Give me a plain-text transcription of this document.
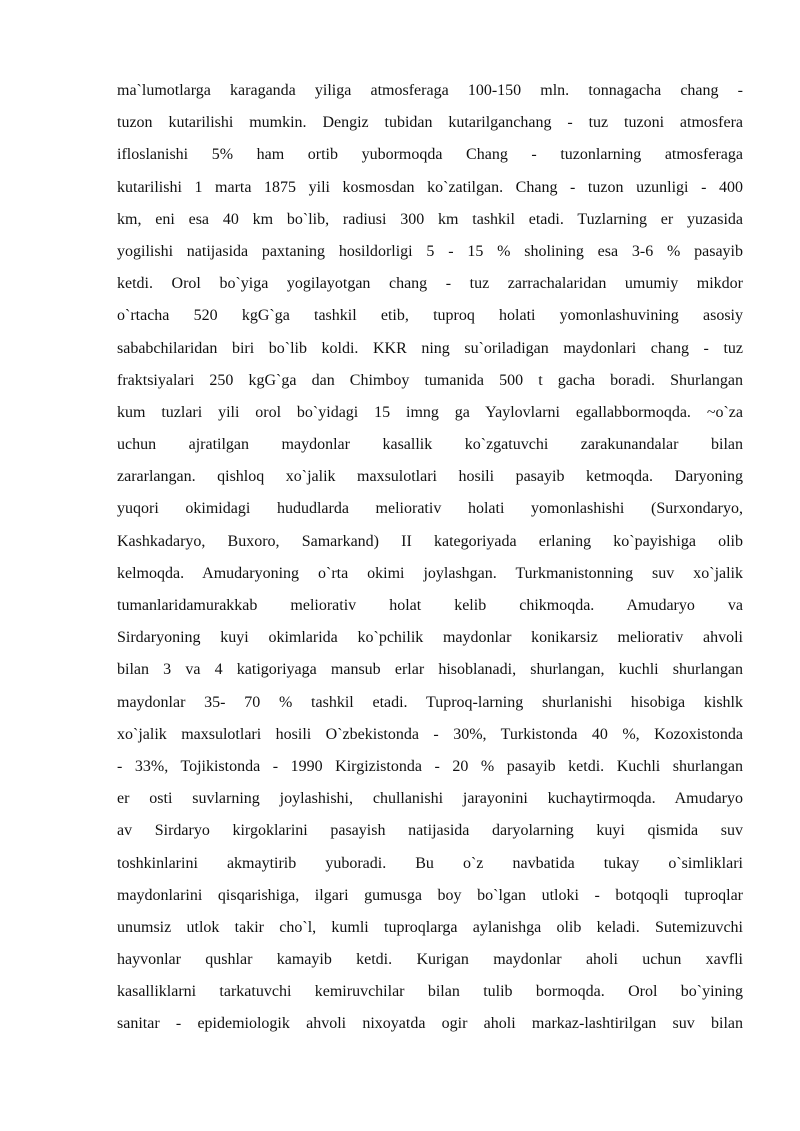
ma`lumotlarga karaganda yiliga atmosferaga 100-150 mln. tonnagacha chang -
tuzon kutarilishi mumkin. Dengiz tubidan kutarilganchang - tuz tuzoni atmosfera
ifloslanishi 5% ham ortib yubormoqda Chang - tuzonlarning atmosferaga
kutarilishi 1 marta 1875 yili kosmosdan ko`zatilgan. Chang - tuzon uzunligi - 400
km, eni esa 40 km bo`lib, radiusi 300 km tashkil etadi. Tuzlarning er yuzasida
yogilishi natijasida paxtaning hosildorligi 5 - 15 % sholining esa 3-6 % pasayib
ketdi. Orol bo`yiga yogilayotgan chang - tuz zarrachalaridan umumiy mikdor
o`rtacha 520 kgG`ga tashkil etib, tuproq holati yomonlashuvining asosiy
sababchilaridan biri bo`lib koldi. KKR ning su`oriladigan maydonlari chang - tuz
fraktsiyalari 250 kgG`ga dan Chimboy tumanida 500 t gacha boradi. Shurlangan
kum tuzlari yili orol bo`yidagi 15 imng ga Yaylovlarni egallabbormoqda. ~o`za
uchun ajratilgan maydonlar kasallik ko`zgatuvchi zarakunandalar bilan
zararlangan. qishloq xo`jalik maxsulotlari hosili pasayib ketmoqda. Daryoning
yuqori okimidagi hududlarda meliorativ holati yomonlashishi (Surxondaryo,
Kashkadaryo, Buxoro, Samarkand) II kategoriyada erlaning ko`payishiga olib
kelmoqda. Amudaryoning o`rta okimi joylashgan. Turkmanistonning suv xo`jalik
tumanlaridamurakkab meliorativ holat kelib chikmoqda. Amudaryo va
Sirdaryoning kuyi okimlarida ko`pchilik maydonlar konikarsiz meliorativ ahvoli
bilan 3 va 4 katigoriyaga mansub erlar hisoblanadi, shurlangan, kuchli shurlangan
maydonlar 35- 70 % tashkil etadi. Tuproq-larning shurlanishi hisobiga kishlk
xo`jalik maxsulotlari hosili O`zbekistonda - 30%, Turkistonda 40 %, Kozoxistonda
- 33%, Tojikistonda - 1990 Kirgizistonda - 20 % pasayib ketdi. Kuchli shurlangan
er osti suvlarning joylashishi, chullanishi jarayonini kuchaytirmoqda. Amudaryo
av Sirdaryo kirgoklarini pasayish natijasida daryolarning kuyi qismida suv
toshkinlarini akmaytirib yuboradi. Bu o`z navbatida tukay o`simliklari
maydonlarini qisqarishiga, ilgari gumusga boy bo`lgan utloki - botqoqli tuproqlar
unumsiz utlok takir cho`l, kumli tuproqlarga aylanishga olib keladi. Sutemizuvchi
hayvonlar qushlar kamayib ketdi. Kurigan maydonlar aholi uchun xavfli
kasalliklarni tarkatuvchi kemiruvchilar bilan tulib bormoqda. Orol bo`yining
sanitar - epidemiologik ahvoli nixoyatda ogir aholi markaz-lashtirilgan suv bilan
